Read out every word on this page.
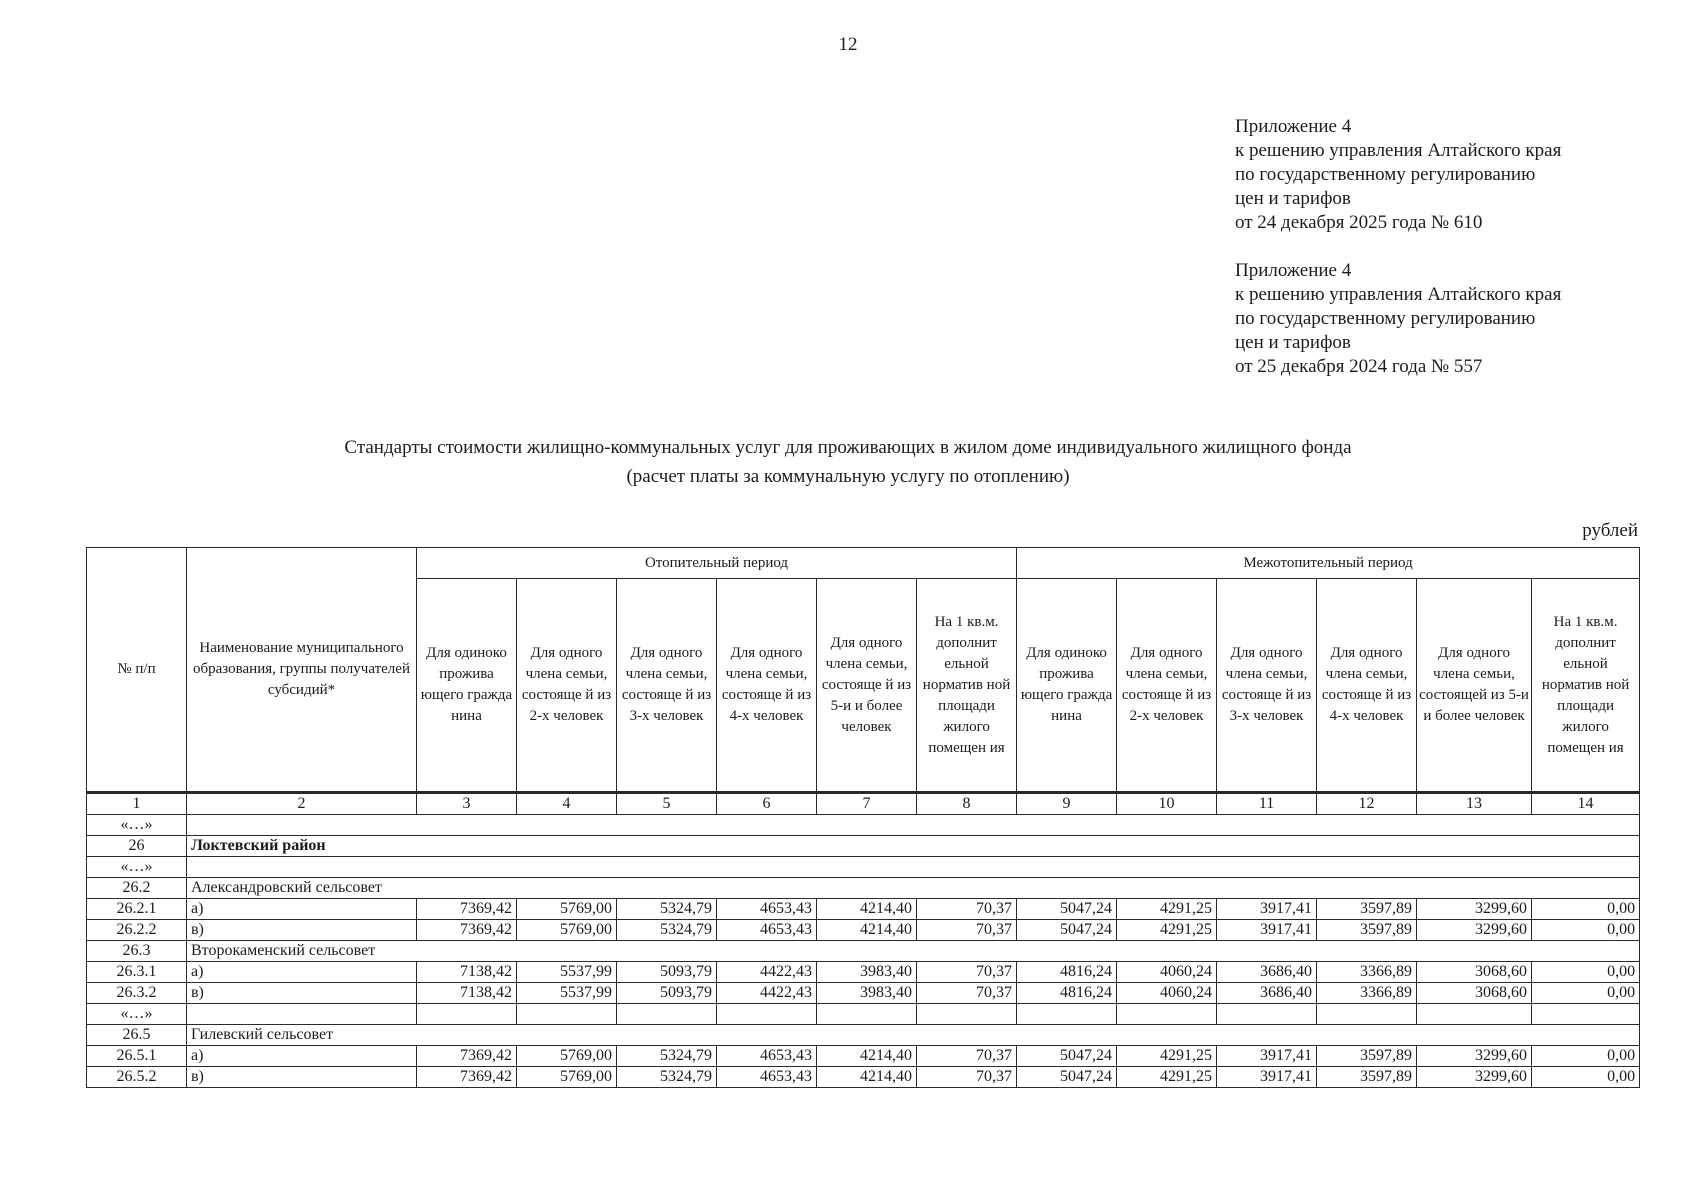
12
Приложение 4
к решению управления Алтайского края
по государственному регулированию
цен и тарифов
от 24 декабря 2025 года № 610
Приложение 4
к решению управления Алтайского края
по государственному регулированию
цен и тарифов
от 25 декабря 2024 года № 557
Стандарты стоимости жилищно-коммунальных услуг для проживающих в жилом доме индивидуального жилищного фонда
(расчет платы за коммунальную услугу по отоплению)
рублей
№ п/п	Наименование муниципального образования, группы получателей субсидий*	Отопительный период						Межотопительный период					
		Для одиноко прожива ющего гражда нина	Для одного члена семьи, состояще й из 2-х человек	Для одного члена семьи, состояще й из 3-х человек	Для одного члена семьи, состояще й из 4-х человек	Для одного члена семьи, состояще й из 5-и и более человек	На 1 кв.м. дополнит ельной норматив ной площади жилого помещен ия	Для одиноко прожива ющего гражда нина	Для одного члена семьи, состояще й из 2-х человек	Для одного члена семьи, состояще й из 3-х человек	Для одного члена семьи, состояще й из 4-х человек	Для одного члена семьи, состоящей из 5-и и более человек	На 1 кв.м. дополнит ельной норматив ной площади жилого помещен ия
1	2	3	4	5	6	7	8	9	10	11	12	13	14
«…»													
26	Локтевский район												
«…»													
26.2	Александровский сельсовет												
26.2.1	а)	7369,42	5769,00	5324,79	4653,43	4214,40	70,37	5047,24	4291,25	3917,41	3597,89	3299,60	0,00
26.2.2	в)	7369,42	5769,00	5324,79	4653,43	4214,40	70,37	5047,24	4291,25	3917,41	3597,89	3299,60	0,00
26.3	Второкаменский сельсовет												
26.3.1	а)	7138,42	5537,99	5093,79	4422,43	3983,40	70,37	4816,24	4060,24	3686,40	3366,89	3068,60	0,00
26.3.2	в)	7138,42	5537,99	5093,79	4422,43	3983,40	70,37	4816,24	4060,24	3686,40	3366,89	3068,60	0,00
«…»													
26.5	Гилевский сельсовет												
26.5.1	а)	7369,42	5769,00	5324,79	4653,43	4214,40	70,37	5047,24	4291,25	3917,41	3597,89	3299,60	0,00
26.5.2	в)	7369,42	5769,00	5324,79	4653,43	4214,40	70,37	5047,24	4291,25	3917,41	3597,89	3299,60	0,00
